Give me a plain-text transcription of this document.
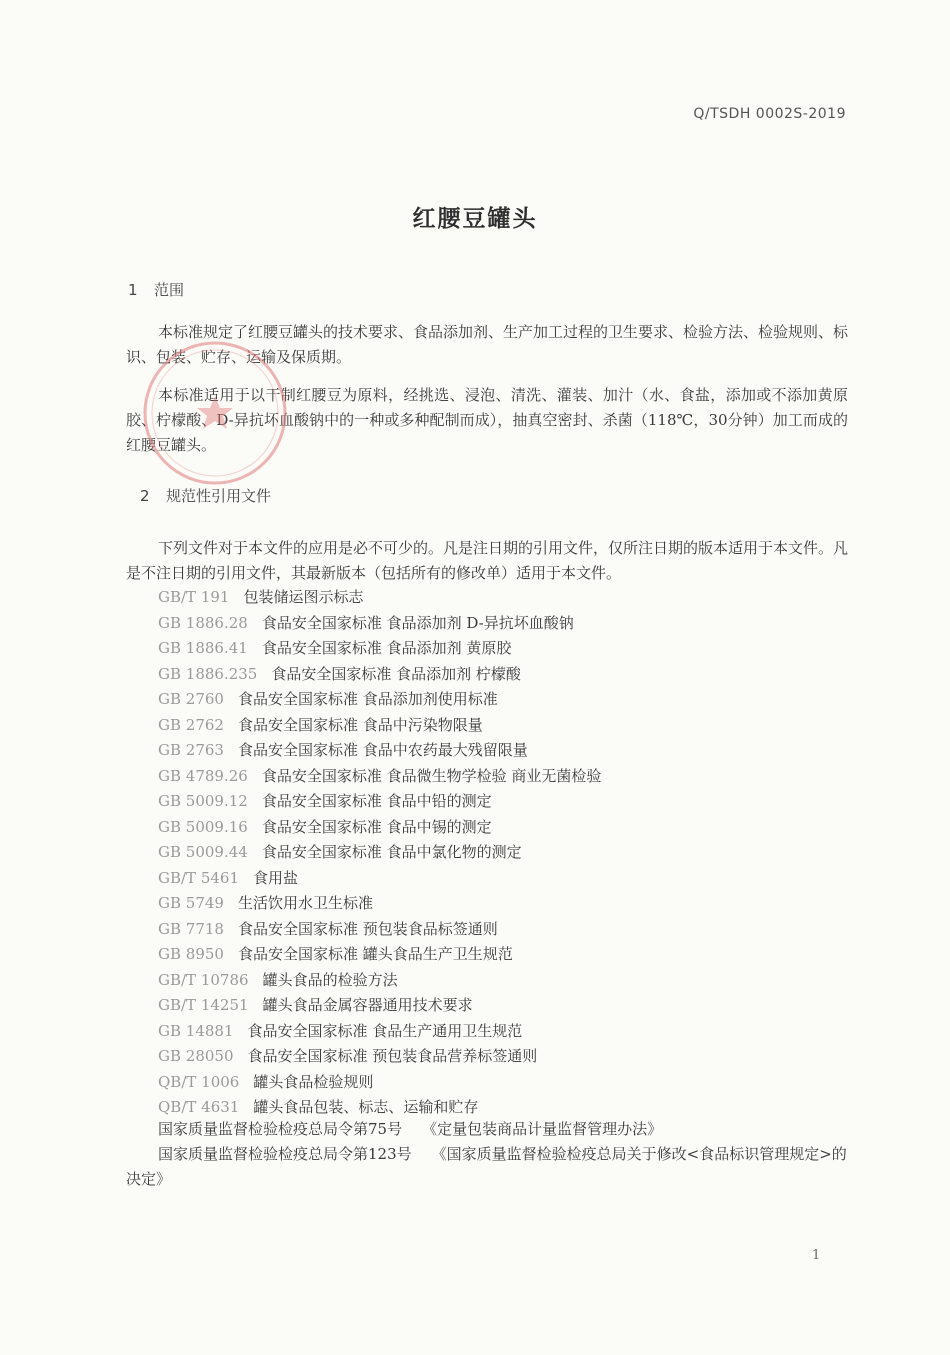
Q/TSDH 0002S-2019
红腰豆罐头
1 范围

本标准规定了红腰豆罐头的技术要求、食品添加剂、生产加工过程的卫生要求、检验方法、检验规则、标识、包装、贮存、运输及保质期。

本标准适用于以干制红腰豆为原料，经挑选、浸泡、清洗、灌装、加汁（水、食盐，添加或不添加黄原胶、柠檬酸、D-异抗坏血酸钠中的一种或多种配制而成），抽真空密封、杀菌（118℃，30分钟）加工而成的红腰豆罐头。

2 规范性引用文件

下列文件对于本文件的应用是必不可少的。凡是注日期的引用文件，仅所注日期的版本适用于本文件。凡是不注日期的引用文件，其最新版本（包括所有的修改单）适用于本文件。

GB/T 191 包装储运图示标志
GB 1886.28 食品安全国家标准 食品添加剂 D-异抗坏血酸钠
GB 1886.41 食品安全国家标准 食品添加剂 黄原胶
GB 1886.235 食品安全国家标准 食品添加剂 柠檬酸
GB 2760 食品安全国家标准 食品添加剂使用标准
GB 2762 食品安全国家标准 食品中污染物限量
GB 2763 食品安全国家标准 食品中农药最大残留限量
GB 4789.26 食品安全国家标准 食品微生物学检验 商业无菌检验
GB 5009.12 食品安全国家标准 食品中铅的测定
GB 5009.16 食品安全国家标准 食品中锡的测定
GB 5009.44 食品安全国家标准 食品中氯化物的测定
GB/T 5461 食用盐
GB 5749 生活饮用水卫生标准
GB 7718 食品安全国家标准 预包装食品标签通则
GB 8950 食品安全国家标准 罐头食品生产卫生规范
GB/T 10786 罐头食品的检验方法
GB/T 14251 罐头食品金属容器通用技术要求
GB 14881 食品安全国家标准 食品生产通用卫生规范
GB 28050 食品安全国家标准 预包装食品营养标签通则
QB/T 1006 罐头食品检验规则
QB/T 4631 罐头食品包装、标志、运输和贮存

国家质量监督检验检疫总局令第75号 《定量包装商品计量监督管理办法》

国家质量监督检验检疫总局令第123号 《国家质量监督检验检疫总局关于修改<食品标识管理规定>的决定》

1
